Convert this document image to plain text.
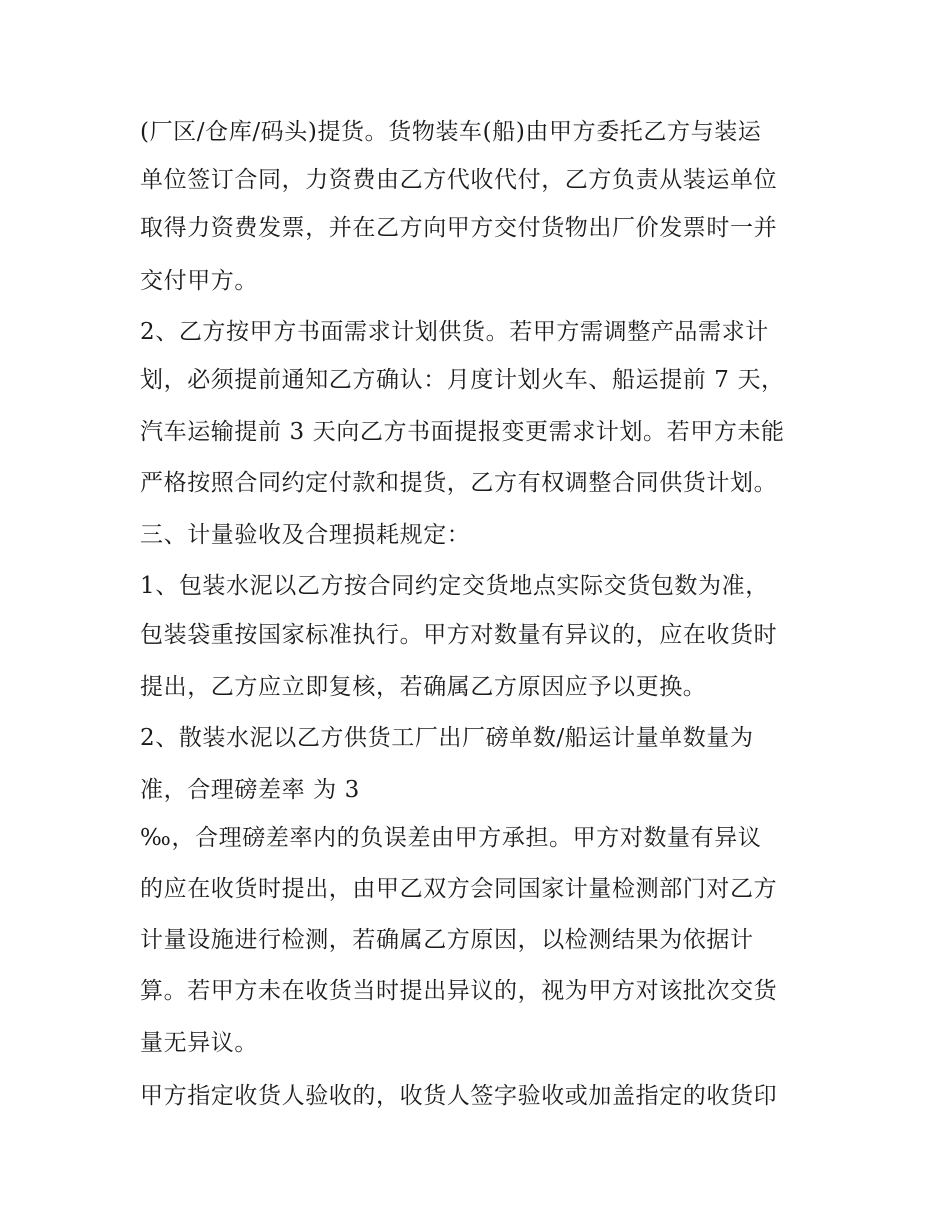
(厂区/仓库/码头)提货。货物装车(船)由甲方委托乙方与装运
单位签订合同，力资费由乙方代收代付，乙方负责从装运单位
取得力资费发票，并在乙方向甲方交付货物出厂价发票时一并
交付甲方。
2、乙方按甲方书面需求计划供货。若甲方需调整产品需求计
划，必须提前通知乙方确认：月度计划火车、船运提前 7 天，
汽车运输提前 3 天向乙方书面提报变更需求计划。若甲方未能
严格按照合同约定付款和提货，乙方有权调整合同供货计划。
三、计量验收及合理损耗规定：
1、包装水泥以乙方按合同约定交货地点实际交货包数为准，
包装袋重按国家标准执行。甲方对数量有异议的，应在收货时
提出，乙方应立即复核，若确属乙方原因应予以更换。
2、散装水泥以乙方供货工厂出厂磅单数/船运计量单数量为
准，合理磅差率 为 3
‰，合理磅差率内的负误差由甲方承担。甲方对数量有异议
的应在收货时提出，由甲乙双方会同国家计量检测部门对乙方
计量设施进行检测，若确属乙方原因，以检测结果为依据计
算。若甲方未在收货当时提出异议的，视为甲方对该批次交货
量无异议。
甲方指定收货人验收的，收货人签字验收或加盖指定的收货印
